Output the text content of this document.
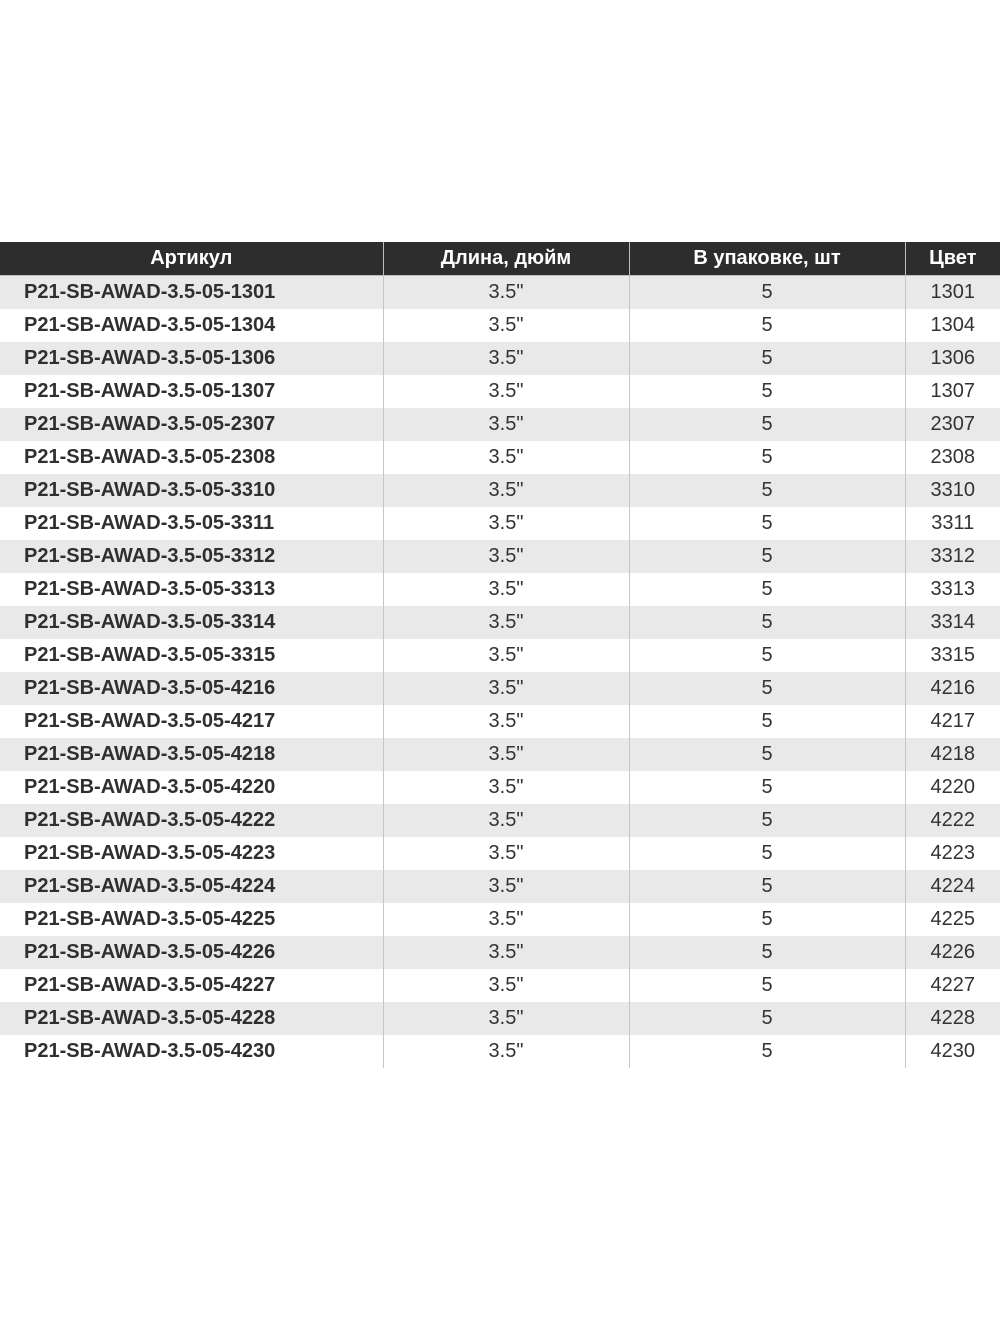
Артикул	Длина, дюйм	В упаковке, шт	Цвет
P21-SB-AWAD-3.5-05-1301	3.5"	5	1301
P21-SB-AWAD-3.5-05-1304	3.5"	5	1304
P21-SB-AWAD-3.5-05-1306	3.5"	5	1306
P21-SB-AWAD-3.5-05-1307	3.5"	5	1307
P21-SB-AWAD-3.5-05-2307	3.5"	5	2307
P21-SB-AWAD-3.5-05-2308	3.5"	5	2308
P21-SB-AWAD-3.5-05-3310	3.5"	5	3310
P21-SB-AWAD-3.5-05-3311	3.5"	5	3311
P21-SB-AWAD-3.5-05-3312	3.5"	5	3312
P21-SB-AWAD-3.5-05-3313	3.5"	5	3313
P21-SB-AWAD-3.5-05-3314	3.5"	5	3314
P21-SB-AWAD-3.5-05-3315	3.5"	5	3315
P21-SB-AWAD-3.5-05-4216	3.5"	5	4216
P21-SB-AWAD-3.5-05-4217	3.5"	5	4217
P21-SB-AWAD-3.5-05-4218	3.5"	5	4218
P21-SB-AWAD-3.5-05-4220	3.5"	5	4220
P21-SB-AWAD-3.5-05-4222	3.5"	5	4222
P21-SB-AWAD-3.5-05-4223	3.5"	5	4223
P21-SB-AWAD-3.5-05-4224	3.5"	5	4224
P21-SB-AWAD-3.5-05-4225	3.5"	5	4225
P21-SB-AWAD-3.5-05-4226	3.5"	5	4226
P21-SB-AWAD-3.5-05-4227	3.5"	5	4227
P21-SB-AWAD-3.5-05-4228	3.5"	5	4228
P21-SB-AWAD-3.5-05-4230	3.5"	5	4230
